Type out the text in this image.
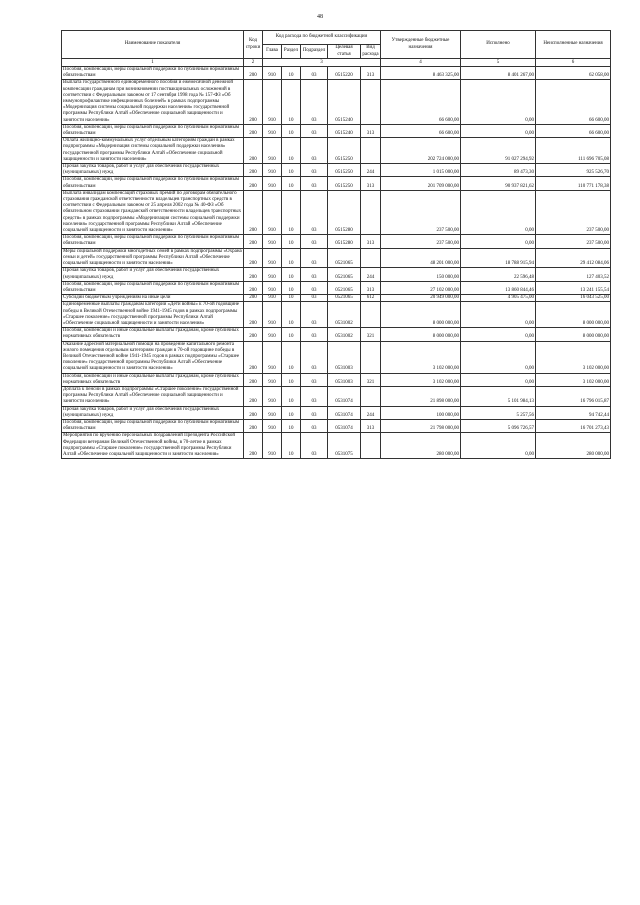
48
Наименование показателя	Код строки	Код расхода по бюджетной классификации					Утвержденные бюджетные назначения	Исполнено	Неисполненные назначения
		Глава	Раздел	Подраздел	Целевая статья	Вид расхода			
1	2	3					4	5	6
Пособия, компенсации, меры социальной поддержки по публичным нормативным обязательствам	200	910	10	03	0515220	313	8 463 325,00	8 401 267,00	62 058,00
Выплата государственного единовременного пособия и ежемесячной денежной компенсации гражданам при возникновении поствакцинальных осложнений в соответствии с Федеральным законом от 17 сентября 1998 года № 157-ФЗ «Об иммунопрофилактике инфекционных болезней» в рамках подпрограммы «Модернизация системы социальной поддержки населения» государственной программы Республики Алтай «Обеспечение социальной защищенности и занятости населения»	200	910	10	03	0515240		66 600,00	0,00	66 600,00
Пособия, компенсации, меры социальной поддержки по публичным нормативным обязательствам	200	910	10	03	0515240	313	66 600,00	0,00	66 600,00
Оплата жилищно-коммунальных услуг отдельным категориям граждан в рамках подпрограммы «Модернизация системы социальной поддержки населения» государственной программы Республики Алтай «Обеспечение социальной защищенности и занятости населения»	200	910	10	03	0515250		202 724 000,00	91 027 294,92	111 696 705,08
Прочая закупка товаров, работ и услуг для обеспечения государственных (муниципальных) нужд	200	910	10	03	0515250	244	1 015 000,00	89 473,30	925 526,70
Пособия, компенсации, меры социальной поддержки по публичным нормативным обязательствам	200	910	10	03	0515250	313	201 709 000,00	90 937 821,62	110 771 178,38
Выплата инвалидам компенсаций страховых премий по договорам обязательного страхования гражданской ответственности владельцев транспортных средств в соответствии с Федеральным законом от 25 апреля 2002 года № 40-ФЗ «Об обязательном страховании гражданской ответственности владельцев транспортных средств» в рамках подпрограммы «Модернизация системы социальной поддержки населения» государственной программы Республики Алтай «Обеспечение социальной защищенности и занятости населения»	200	910	10	03	0515280		237 500,00	0,00	237 500,00
Пособия, компенсации, меры социальной поддержки по публичным нормативным обязательствам	200	910	10	03	0515280	313	237 500,00	0,00	237 500,00
Меры социальной поддержки многодетных семей в рамках подпрограммы «Охрана семьи и детей» государственной программы Республики Алтай «Обеспечение социальной защищенности и занятости населения»	200	910	10	03	0521065		48 201 000,00	18 788 915,94	29 412 084,06
Прочая закупка товаров, работ и услуг для обеспечения государственных (муниципальных) нужд	200	910	10	03	0521065	244	150 000,00	22 596,48	127 403,52
Пособия, компенсации, меры социальной поддержки по публичным нормативным обязательствам	200	910	10	03	0521065	313	27 102 000,00	13 860 844,46	13 241 155,54
Субсидии бюджетным учреждениям на иные цели	200	910	10	03	0521065	612	20 949 000,00	4 905 475,00	16 043 525,00
Единовременные выплаты гражданам категории «Дети войны» к 70-ой годовщине победы в Великой Отечественной войне 1941-1945 годов в рамках подпрограммы «Старшее поколение» государственной программы Республики Алтай «Обеспечение социальной защищенности и занятости населения»	200	910	10	03	0531002		8 000 000,00	0,00	8 000 000,00
Пособия, компенсации и иные социальные выплаты гражданам, кроме публичных нормативных обязательств	200	910	10	03	0531002	321	8 000 000,00	0,00	8 000 000,00
Оказание адресной материальной помощи на проведение капитального ремонта жилого помещения отдельным категориям граждан в 70-ой годовщине победы в Великой Отечественной войне 1941-1945 годов в рамках подпрограммы «Старшее поколение» государственной программы Республики Алтай «Обеспечение социальной защищенности и занятости населения»	200	910	10	03	0531003		3 102 000,00	0,00	3 102 000,00
Пособия, компенсации и иные социальные выплаты гражданам, кроме публичных нормативных обязательств	200	910	10	03	0531003	321	3 102 000,00	0,00	3 102 000,00
Доплата к пенсии в рамках подпрограммы «Старшее поколение» государственной программы Республики Алтай «Обеспечение социальной защищенности и занятости населения»	200	910	10	03	0531074		21 898 000,00	5 101 984,13	16 796 015,87
Прочая закупка товаров, работ и услуг для обеспечения государственных (муниципальных) нужд	200	910	10	03	0531074	244	100 000,00	5 257,56	94 742,44
Пособия, компенсации, меры социальной поддержки по публичным нормативным обязательствам	200	910	10	03	0531074	313	21 798 000,00	5 096 726,57	16 701 273,43
Мероприятия по вручению персональных поздравлений Президента Российской Федерации ветеранам Великой Отечественной войны, в 70-летие в рамках подпрограммы «Старшее поколение» государственной программы Республики Алтай «Обеспечение социальной защищенности и занятости населения»	200	910	10	03	0531075		280 000,00	0,00	280 000,00
